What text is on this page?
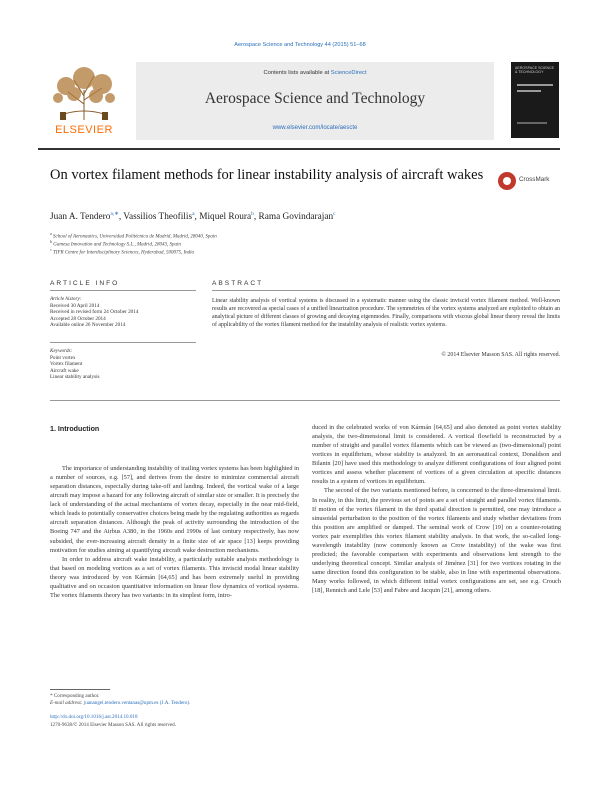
Aerospace Science and Technology 44 (2015) 51–68
ELSEVIER
Contents lists available at ScienceDirect
Aerospace Science and Technology
www.elsevier.com/locate/aescte
AEROSPACE SCIENCE & TECHNOLOGY
On vortex filament methods for linear instability analysis of aircraft wakes	CrossMark
Juan A. Tendero$^{a,∗}$, Vassilios Theofilis$^a$, Miquel Roura$^b$, Rama Govindarajan$^c$
$^a$ School of Aeronautics, Universidad Politécnica de Madrid, Madrid, 28040, Spain
$^b$ Gamesa Innovation and Technology S.L., Madrid, 28043, Spain
$^c$ TIFR Centre for Interdisciplinary Sciences, Hyderabad, 500075, India
ARTICLE INFO	ABSTRACT
Article history:
Received 30 April 2014
Received in revised form 24 October 2014
Accepted 28 October 2014
Available online 26 November 2014
Keywords:
Point vortex
Vortex filament
Aircraft wake
Linear stability analysis
Linear stability analysis of vortical systems is discussed in a systematic manner using the classic inviscid vortex filament method. Well-known results are recovered as special cases of a unified linearization procedure. The symmetries of the vortex systems analyzed are exploited to obtain an analytical picture of different classes of growing and decaying eigenmodes. Finally, comparisons with viscous global linear theory reveal the limits of applicability of the vortex filament method for the instability analysis of realistic vortex systems.
© 2014 Elsevier Masson SAS. All rights reserved.
1. Introduction

The importance of understanding instability of trailing vortex systems has been highlighted in a number of sources, e.g. [57], and derives from the desire to minimize commercial aircraft separation distances, especially during take-off and landing. Indeed, the vortical wake of a large aircraft may impose a hazard for any following aircraft of similar size or smaller. It is precisely the lack of understanding of the actual mechanisms of vortex decay, especially in the near mid-field, which leads to potentially conservative choices being made by the regulating authorities as regards aircraft separation distances. Although the peak of activity surrounding the introduction of the Boeing 747 and the Airbus A380, in the 1960s and 1990s of last century respectively, has now subsided, the ever-increasing aircraft density in a finite size of air space [13] keeps providing motivation for studies aiming at quantifying aircraft wake destruction mechanisms.

In order to address aircraft wake instability, a particularly suitable analysis methodology is that based on modeling vortices as a set of vortex filaments. This inviscid modal linear stability theory was introduced by von Kármán [64,65] and has been extremely useful in providing qualitative and on occasion quantitative information on linear flow dynamics of vortical systems. The vortex filaments theory has two variants: in its simplest form, intro-

duced in the celebrated works of von Kármán [64,65] and also denoted as point vortex stability analysis, the two-dimensional limit is considered. A vortical flowfield is reconstructed by a number of straight and parallel vortex filaments which can be viewed as (two-dimensional) point vortices in equilibrium, whose stability is analyzed. In an aeronautical context, Donaldson and Bilanin [20] have used this methodology to analyze different configurations of four aligned point vortices and assess whether placement of vortices of a given circulation at specific distances results in a system of vortices in equilibrium.

The second of the two variants mentioned before, is concerned to the three-dimensional limit. In reality, in this limit, the previous set of points are a set of straight and parallel vortex filaments. If motion of the vortex filament in the third spatial direction is permitted, one may introduce a sinusoidal perturbation to the position of the vortex filaments and study whether deviations from this position are amplified or damped. The seminal work of Crow [19] on a counter-rotating vortex pair exemplifies this vortex filament stability analysis. In that work, the so-called long-wavelength instability (now commonly known as Crow instability) of the wake was first predicted; the favorable comparison with experiments and observations lent strength to the underlying theoretical concept. Similar analysis of Jiménez [31] for two vortices rotating in the same direction found this configuration to be stable, also in line with experimental observations. Many works followed, in which different initial vortex configurations are set, see e.g. Crouch [18], Rennich and Lele [53] and Fabre and Jacquin [21], among others.

* Corresponding author.
E-mail address: juanangel.tendero.ventanas@upm.es (J.A. Tendero).
http://dx.doi.org/10.1016/j.ast.2014.10.018
1270-9638/© 2014 Elsevier Masson SAS. All rights reserved.
